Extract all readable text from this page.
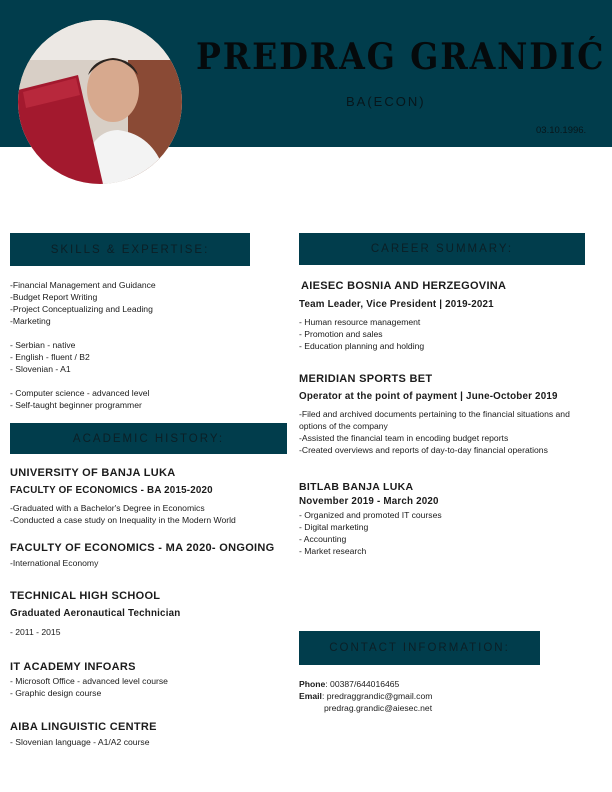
PREDRAG GRANDIĆ
BA(ECON)
03.10.1996.
SKILLS & EXPERTISE:
-Financial Management and Guidance
-Budget Report Writing
-Project Conceptualizing and Leading
-Marketing
- Serbian - native
- English - fluent / B2
- Slovenian - A1
- Computer science - advanced level
- Self-taught beginner programmer
ACADEMIC HISTORY:
UNIVERSITY OF BANJA LUKA
FACULTY OF ECONOMICS - BA 2015-2020
-Graduated with a Bachelor's Degree in Economics
-Conducted a case study on Inequality in the Modern World
FACULTY OF ECONOMICS - MA 2020- ONGOING
-International Economy
TECHNICAL HIGH SCHOOL
Graduated Aeronautical Technician
- 2011 - 2015
IT ACADEMY INFOARS
- Microsoft Office - advanced level course
- Graphic design course
AIBA LINGUISTIC CENTRE
- Slovenian language - A1/A2 course
CAREER SUMMARY:
AIESEC BOSNIA AND HERZEGOVINA
Team Leader, Vice President | 2019-2021
- Human resource management
- Promotion and sales
- Education planning and holding
MERIDIAN SPORTS BET
Operator at the point of payment | June-October 2019
-Filed and archived documents pertaining to the financial situations and
options of the company
-Assisted the financial team in encoding budget reports
-Created overviews and reports of day-to-day financial operations
BITLAB BANJA LUKA
November 2019 - March 2020
- Organized and promoted IT courses
- Digital marketing
- Accounting
- Market research
CONTACT INFORMATION:
Phone: 00387/644016465
Email: predraggrandic@gmail.com
predrag.grandic@aiesec.net
